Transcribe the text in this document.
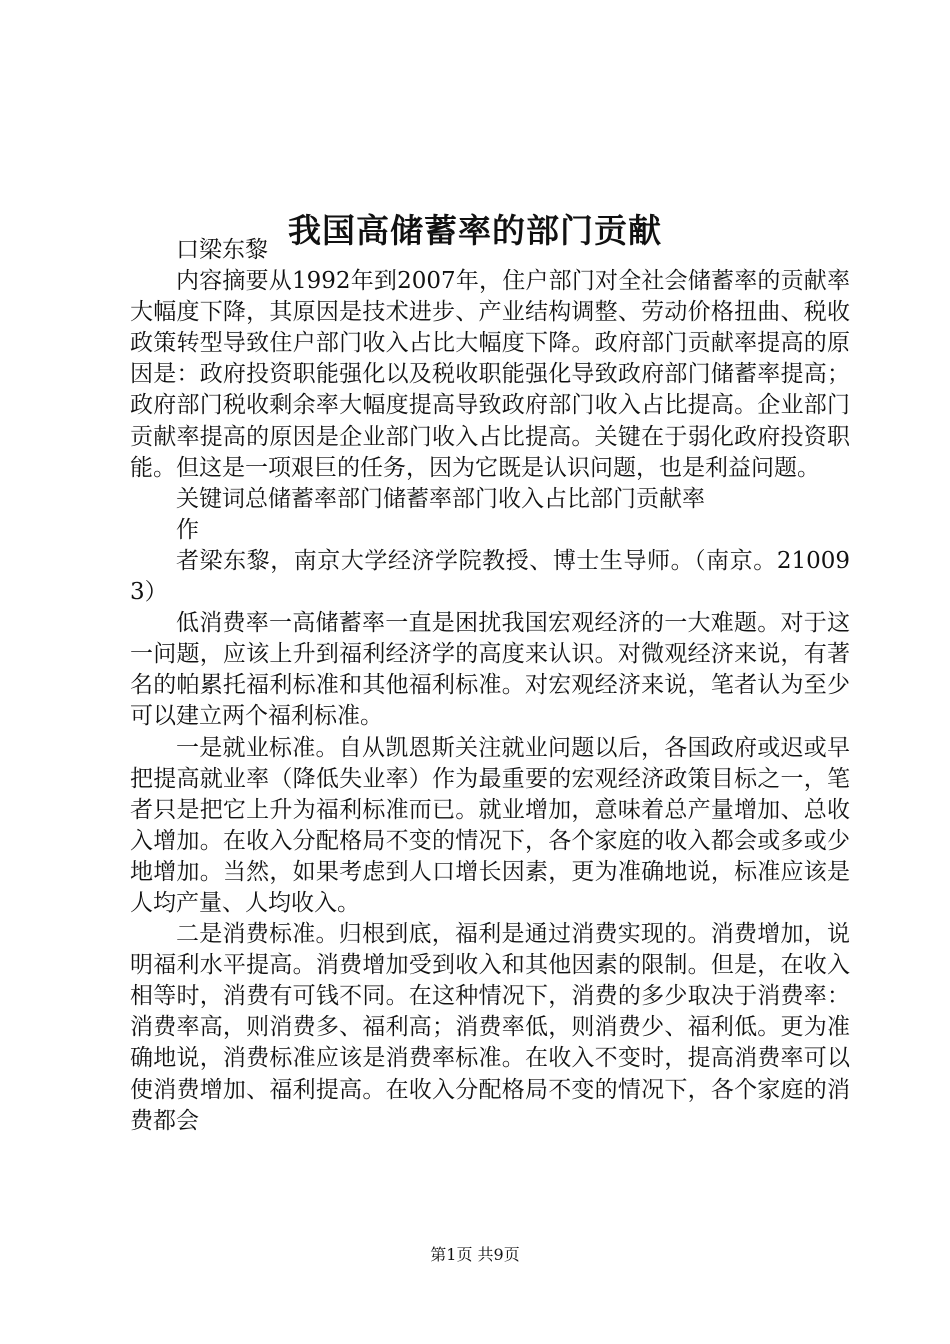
我国高储蓄率的部门贡献

口梁东黎

内容摘要从1992年到2007年，住户部门对全社会储蓄率的贡献率大幅度下降，其原因是技术进步、产业结构调整、劳动价格扭曲、税收政策转型导致住户部门收入占比大幅度下降。政府部门贡献率提高的原因是：政府投资职能强化以及税收职能强化导致政府部门储蓄率提高；政府部门税收剩余率大幅度提高导致政府部门收入占比提高。企业部门贡献率提高的原因是企业部门收入占比提高。关键在于弱化政府投资职能。但这是一项艰巨的任务，因为它既是认识问题，也是利益问题。

关键词总储蓄率部门储蓄率部门收入占比部门贡献率

作

者梁东黎，南京大学经济学院教授、博士生导师。（南京。210093）

低消费率一高储蓄率一直是困扰我国宏观经济的一大难题。对于这一问题，应该上升到福利经济学的高度来认识。对微观经济来说，有著名的帕累托福利标准和其他福利标准。对宏观经济来说，笔者认为至少可以建立两个福利标准。

一是就业标准。自从凯恩斯关注就业问题以后，各国政府或迟或早把提高就业率（降低失业率）作为最重要的宏观经济政策目标之一，笔者只是把它上升为福利标准而已。就业增加，意味着总产量增加、总收入增加。在收入分配格局不变的情况下，各个家庭的收入都会或多或少地增加。当然，如果考虑到人口增长因素，更为准确地说，标准应该是人均产量、人均收入。

二是消费标准。归根到底，福利是通过消费实现的。消费增加，说明福利水平提高。消费增加受到收入和其他因素的限制。但是，在收入相等时，消费有可钱不同。在这种情况下，消费的多少取决于消费率：消费率高，则消费多、福利高；消费率低，则消费少、福利低。更为准确地说，消费标准应该是消费率标准。在收入不变时，提高消费率可以使消费增加、福利提高。在收入分配格局不变的情况下，各个家庭的消费都会

第1页 共9页
